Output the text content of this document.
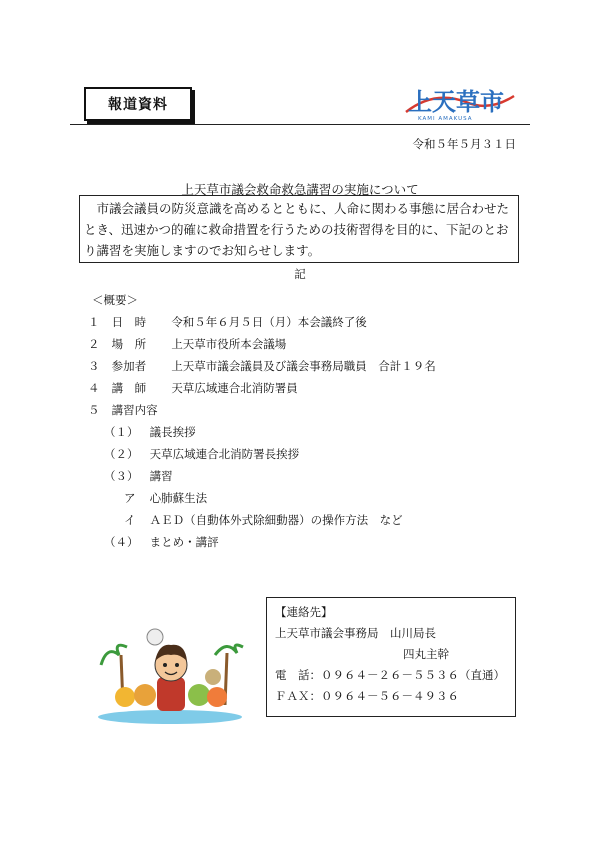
報道資料	上天草市
KAMI AMAKUSA
令和５年５月３１日
上天草市議会救命救急講習の実施について
市議会議員の防災意識を高めるとともに、人命に関わる事態に居合わせたとき、迅速かつ的確に救命措置を行うための技術習得を目的に、下記のとおり講習を実施しますのでお知らせします。
記
＜概要＞
１ 日　時 令和５年６月５日（月）本会議終了後
２ 場　所 上天草市役所本会議場
３ 参加者 上天草市議会議員及び議会事務局職員　合計１９名
４ 講　師 天草広域連合北消防署員
５ 講習内容
（１） 議長挨拶
（２） 天草広域連合北消防署長挨拶
（３） 講習
ア 心肺蘇生法
イ ＡＥＤ（自動体外式除細動器）の操作方法　など
（４） まとめ・講評
【連絡先】
上天草市議会事務局　山川局長
四丸主幹
電　話：０９６４－２６－５５３６（直通）
ＦＡＸ：０９６４－５６－４９３６
